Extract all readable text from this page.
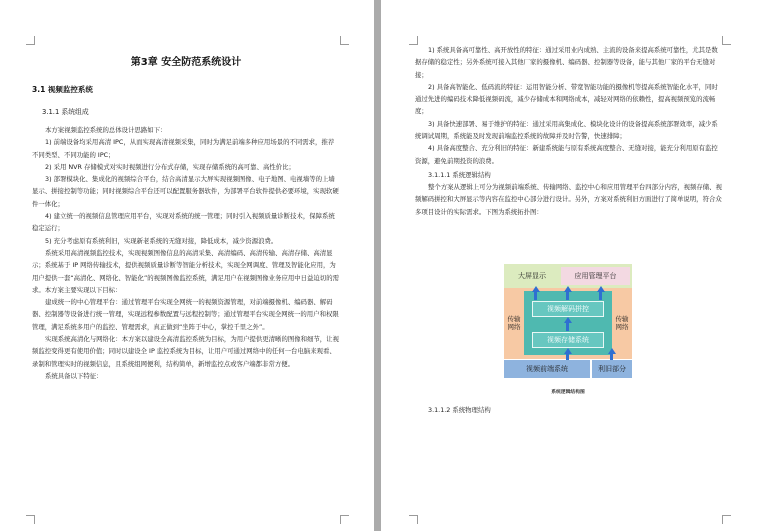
第3章 安全防范系统设计
3.1 视频监控系统
3.1.1 系统组成

本方案视频监控系统的总体设计思路如下：

1) 前端设备均采用高清 IPC，从而实现高清视频采集，同时为满足前端多种应用场景的不同需求，推荐不同类型、不同功能的 IPC；

2) 采用 NVR 存储模式对实时视频进行分布式存储，实现存储系统的高可靠、高性价比；

3) 部署模块化、集成化的视频综合平台，结合高清显示大屏实现视频图像、电子地图、电视墙等的上墙显示、拼接控制等功能；同时视频综合平台还可以配置服务器软件，为部署平台软件提供必要环境，实现软硬件一体化；

4) 建立统一的视频信息管理应用平台，实现对系统的统一管理；同时引入视频质量诊断技术，保障系统稳定运行；

5) 充分考虑原有系统利旧，实现新老系统的无缝对接，降低成本，减少资源浪费。

系统采用高清视频监控技术，实现视频图像信息的高清采集、高清编码、高清传输、高清存储、高清显示；系统基于 IP 网络传输技术，提供视频质量诊断等智能分析技术，实现全网调度、管理及智能化应用，为用户提供一套“高清化、网络化、智能化”的视频图像监控系统，满足用户在视频图像业务应用中日益迫切的需求。本方案主要实现以下目标：

建成统一的中心管理平台：通过管理平台实现全网统一的视频资源管理，对前端摄像机、编码器、解码器、控制器等设备进行统一管理，实现远程参数配置与远程控制等；通过管理平台实现全网统一的用户和权限管理，满足系统多用户的监控、管理需求，真正做到“坐阵于中心，掌控千里之外”。

实现系统高清化与网络化：本方案以建设全高清监控系统为目标，为用户提供更清晰的图像和细节，让视频监控变得更有使用价值；同时以建设全 IP 监控系统为目标，让用户可通过网络中的任何一台电脑来观看、录制和管理实时的视频信息，且系统组网便利，结构简单，新增监控点或客户端都非常方便。

系统具备以下特征：

1) 系统具备高可靠性、高开放性的特征：通过采用业内成熟、主流的设备来提高系统可靠性，尤其是数据存储的稳定性；另外系统可接入其他厂家的摄像机、编码器、控制器等设备，能与其他厂家的平台无缝对接；

2) 具备高智能化、低码流的特征：运用智能分析、带宽智能功能的摄像机等提高系统智能化水平，同时通过先进的编码技术降低视频码流，减少存储成本和网络成本，减轻对网络的依赖性，提高视频预览的流畅度；

3) 具备快速部署、易于维护的特征：通过采用高集成化、模块化设计的设备提高系统部署效率，减少系统调试周期，系统能及时发现前端监控系统的故障并及时告警，快速排障；

4) 具备高度整合、充分利旧的特征：新建系统能与原有系统高度整合、无缝对接，能充分利用原有监控资源，避免前期投资的浪费。

3.1.1.1 系统逻辑结构

整个方案从逻辑上可分为视频前端系统、传输网络、监控中心和应用管理平台四部分内容，视频存储、视频解码拼控和大屏显示等内容在监控中心部分进行设计。另外，方案对系统利旧方面进行了简单说明，符合众多项目设计的实际需求。下图为系统拓扑图：

大屏显示	应用管理平台
传输网络
传输网络
视频解码拼控
视频存储系统
视频前端系统	利旧部分
系统逻辑结构图
3.1.1.2 系统物理结构
